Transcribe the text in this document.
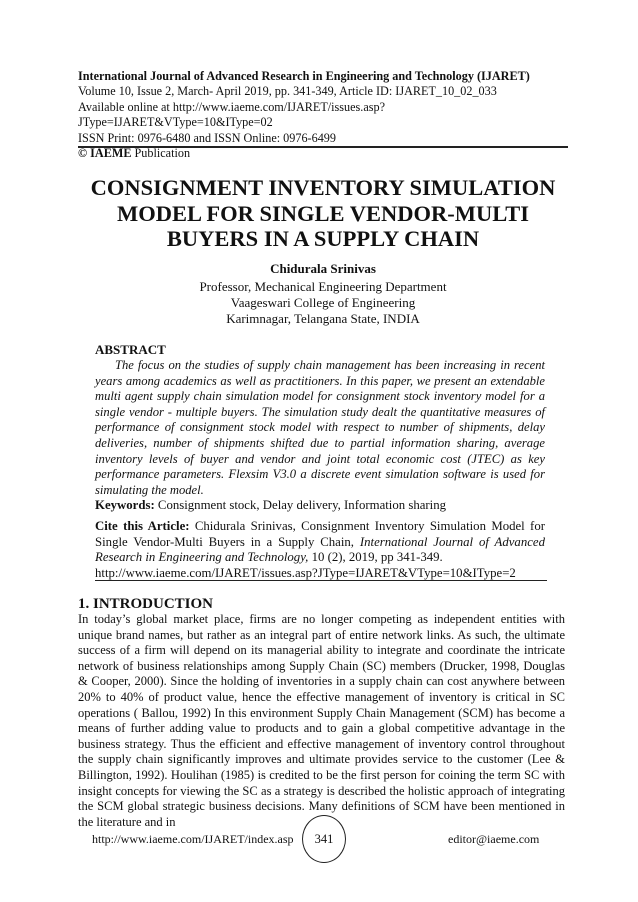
International Journal of Advanced Research in Engineering and Technology (IJARET)
Volume 10, Issue 2, March- April 2019, pp. 341-349, Article ID: IJARET_10_02_033
Available online at http://www.iaeme.com/IJARET/issues.asp?JType=IJARET&VType=10&IType=02
ISSN Print: 0976-6480 and ISSN Online: 0976-6499
© IAEME Publication
CONSIGNMENT INVENTORY SIMULATION
MODEL FOR SINGLE VENDOR-MULTI
BUYERS IN A SUPPLY CHAIN
Chidurala Srinivas
Professor, Mechanical Engineering Department
Vaageswari College of Engineering
Karimnagar, Telangana State, INDIA
ABSTRACT
The focus on the studies of supply chain management has been increasing in recent years among academics as well as practitioners. In this paper, we present an extendable multi agent supply chain simulation model for consignment stock inventory model for a single vendor - multiple buyers. The simulation study dealt the quantitative measures of performance of consignment stock model with respect to number of shipments, delay deliveries, number of shipments shifted due to partial information sharing, average inventory levels of buyer and vendor and joint total economic cost (JTEC) as key performance parameters. Flexsim V3.0 a discrete event simulation software is used for simulating the model.
Keywords: Consignment stock, Delay delivery, Information sharing
Cite this Article: Chidurala Srinivas, Consignment Inventory Simulation Model for Single Vendor-Multi Buyers in a Supply Chain, International Journal of Advanced Research in Engineering and Technology, 10 (2), 2019, pp 341-349.
http://www.iaeme.com/IJARET/issues.asp?JType=IJARET&VType=10&IType=2
1. INTRODUCTION
In today’s global market place, firms are no longer competing as independent entities with unique brand names, but rather as an integral part of entire network links. As such, the ultimate success of a firm will depend on its managerial ability to integrate and coordinate the intricate network of business relationships among Supply Chain (SC) members (Drucker, 1998, Douglas & Cooper, 2000). Since the holding of inventories in a supply chain can cost anywhere between 20% to 40% of product value, hence the effective management of inventory is critical in SC operations ( Ballou, 1992) In this environment Supply Chain Management (SCM) has become a means of further adding value to products and to gain a global competitive advantage in the business strategy. Thus the efficient and effective management of inventory control throughout the supply chain significantly improves and ultimate provides service to the customer (Lee & Billington, 1992). Houlihan (1985) is credited to be the first person for coining the term SC with insight concepts for viewing the SC as a strategy is described the holistic approach of integrating the SCM global strategic business decisions. Many definitions of SCM have been mentioned in the literature and in
http://www.iaeme.com/IJARET/index.asp	341	editor@iaeme.com
